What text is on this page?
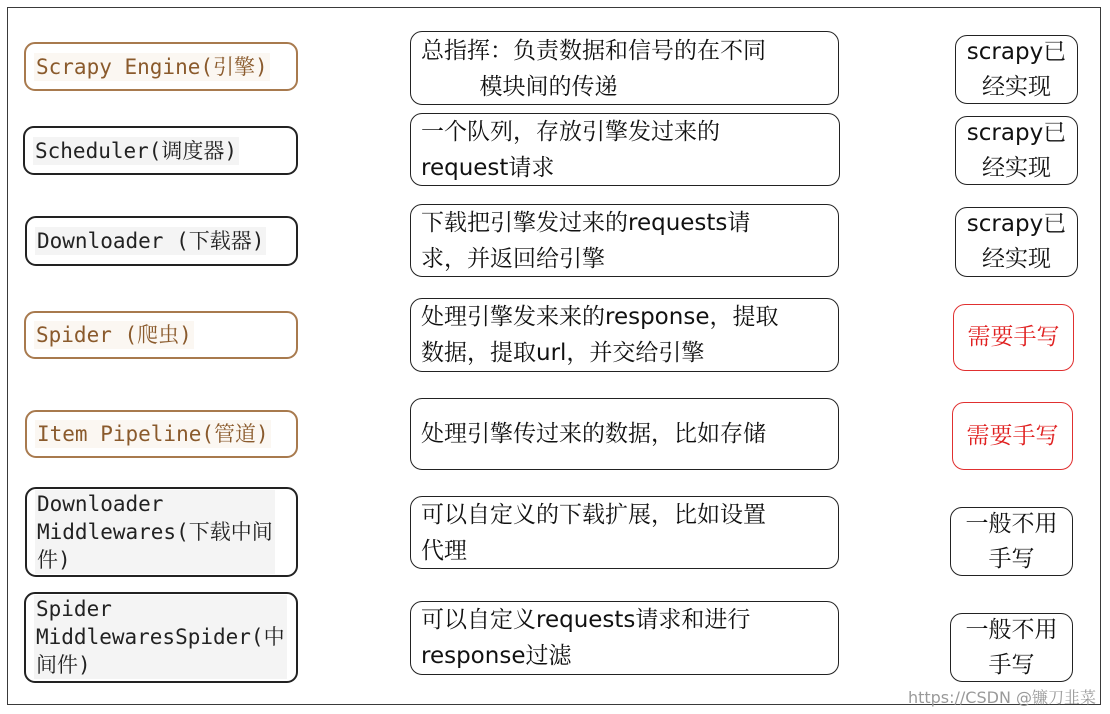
Scrapy Engine(引擎)
总指挥：负责数据和信号的在不同
模块间的传递
scrapy已
经实现
Scheduler(调度器)
一个队列，存放引擎发过来的
request请求
scrapy已
经实现
Downloader (下载器)
下载把引擎发过来的requests请
求，并返回给引擎
scrapy已
经实现
Spider (爬虫)
处理引擎发来来的response，提取
数据，提取url，并交给引擎
需要手写
Item Pipeline(管道)	处理引擎传过来的数据，比如存储	需要手写
Downloader
Middlewares(下载中间
件)
可以自定义的下载扩展，比如设置
代理
一般不用
手写
Spider
MiddlewaresSpider(中
间件)
可以自定义requests请求和进行
response过滤
一般不用
手写
https://CSDN @镰刀韭菜
